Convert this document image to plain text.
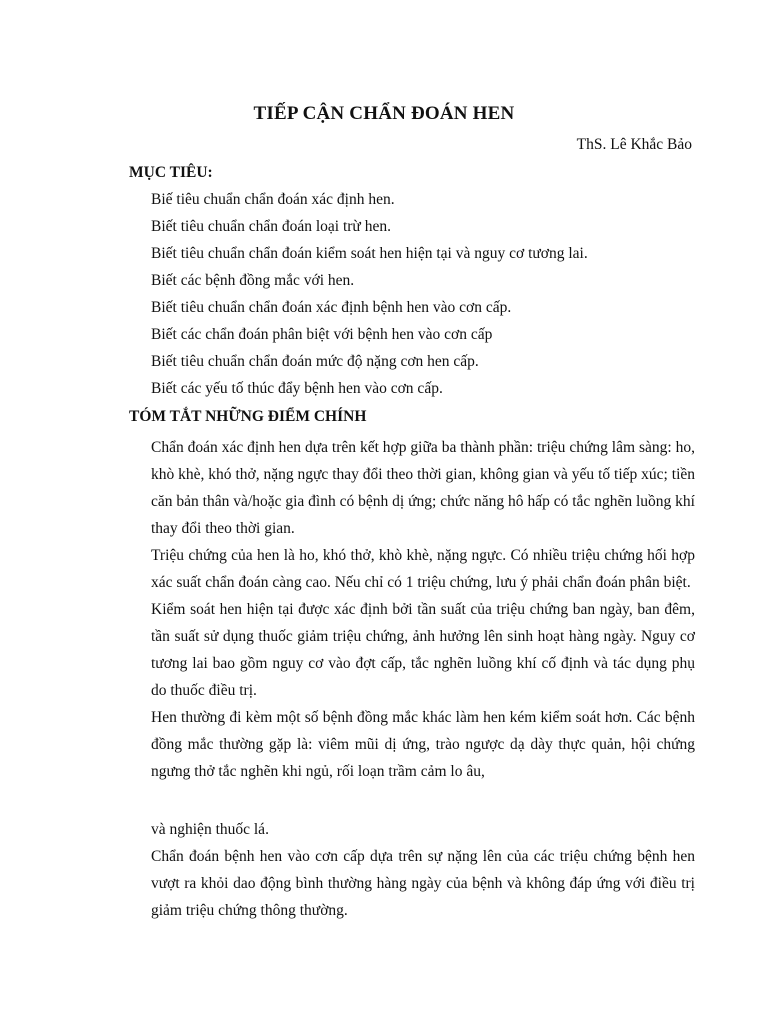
TIẾP CẬN CHẨN ĐOÁN HEN

ThS. Lê Khắc Bảo

MỤC TIÊU:
Biế tiêu chuẩn chẩn đoán xác định hen.
Biết tiêu chuẩn chẩn đoán loại trừ hen.
Biết tiêu chuẩn chẩn đoán kiểm soát hen hiện tại và nguy cơ tương lai.
Biết các bệnh đồng mắc với hen.
Biết tiêu chuẩn chẩn đoán xác định bệnh hen vào cơn cấp.
Biết các chẩn đoán phân biệt với bệnh hen vào cơn cấp
Biết tiêu chuẩn chẩn đoán mức độ nặng cơn hen cấp.
Biết các yếu tố thúc đẩy bệnh hen vào cơn cấp.
TÓM TẮT NHỮNG ĐIỂM CHÍNH

Chẩn đoán xác định hen dựa trên kết hợp giữa ba thành phần: triệu chứng lâm sàng: ho, khò khè, khó thở, nặng ngực thay đổi theo thời gian, không gian và yếu tố tiếp xúc; tiền căn bản thân và/hoặc gia đình có bệnh dị ứng; chức năng hô hấp có tắc nghẽn luồng khí thay đổi theo thời gian.

Triệu chứng của hen là ho, khó thở, khò khè, nặng ngực. Có nhiều triệu chứng hối hợp xác suất chẩn đoán càng cao. Nếu chỉ có 1 triệu chứng, lưu ý phải chẩn đoán phân biệt.

Kiểm soát hen hiện tại được xác định bởi tần suất của triệu chứng ban ngày, ban đêm, tần suất sử dụng thuốc giảm triệu chứng, ảnh hưởng lên sinh hoạt hàng ngày. Nguy cơ tương lai bao gồm nguy cơ vào đợt cấp, tắc nghẽn luồng khí cố định và tác dụng phụ do thuốc điều trị.

Hen thường đi kèm một số bệnh đồng mắc khác làm hen kém kiểm soát hơn. Các bệnh đồng mắc thường gặp là: viêm mũi dị ứng, trào ngược dạ dày thực quản, hội chứng ngưng thở tắc nghẽn khi ngủ, rối loạn trầm cảm lo âu,

và nghiện thuốc lá.

Chẩn đoán bệnh hen vào cơn cấp dựa trên sự nặng lên của các triệu chứng bệnh hen vượt ra khỏi dao động bình thường hàng ngày của bệnh và không đáp ứng với điều trị giảm triệu chứng thông thường.
